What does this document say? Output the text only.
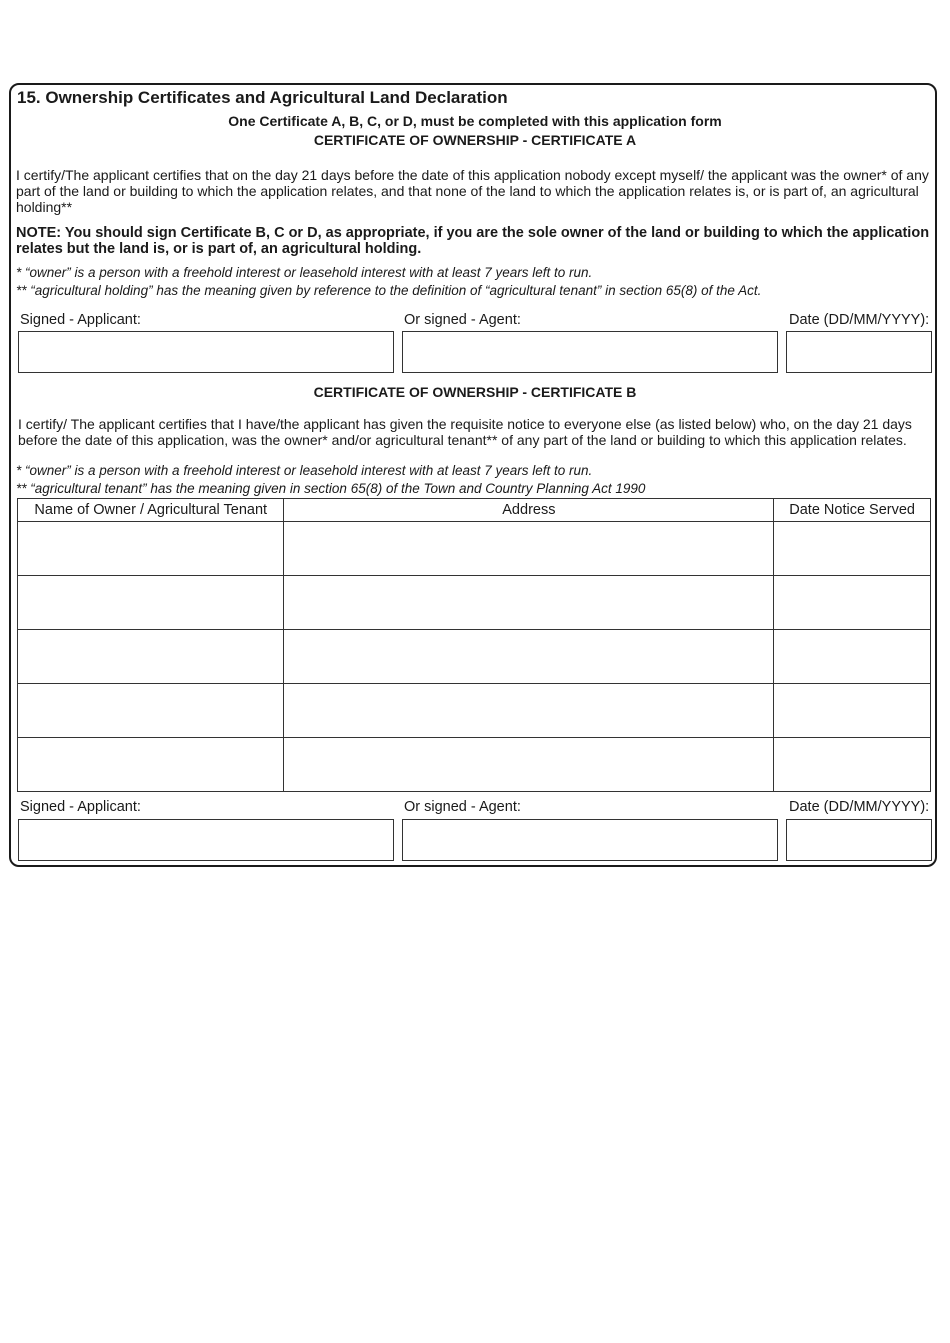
15. Ownership Certificates and Agricultural Land Declaration
One Certificate A, B, C, or D, must be completed with this application form
CERTIFICATE OF OWNERSHIP - CERTIFICATE A
I certify/The applicant certifies that on the day 21 days before the date of this application nobody except myself/ the applicant was the owner* of any part of the land or building to which the application relates, and that none of the land to which the application relates is, or is part of, an agricultural holding**
NOTE: You should sign Certificate B, C or D, as appropriate, if you are the sole owner of the land or building to which the application relates but the land is, or is part of, an agricultural holding.
* “owner” is a person with a freehold interest or leasehold interest with at least 7 years left to run.
** “agricultural holding” has the meaning given by reference to the definition of “agricultural tenant” in section 65(8) of the Act.
Signed - Applicant:	Or signed - Agent:	Date (DD/MM/YYYY):
CERTIFICATE OF OWNERSHIP - CERTIFICATE B
I certify/ The applicant certifies that I have/the applicant has given the requisite notice to everyone else (as listed below) who, on the day 21 days before the date of this application, was the owner* and/or agricultural tenant** of any part of the land or building to which this application relates.
* “owner” is a person with a freehold interest or leasehold interest with at least 7 years left to run.
** “agricultural tenant” has the meaning given in section 65(8) of the Town and Country Planning Act 1990
Name of Owner / Agricultural Tenant	Address	Date Notice Served

Signed - Applicant:	Or signed - Agent:	Date (DD/MM/YYYY):
